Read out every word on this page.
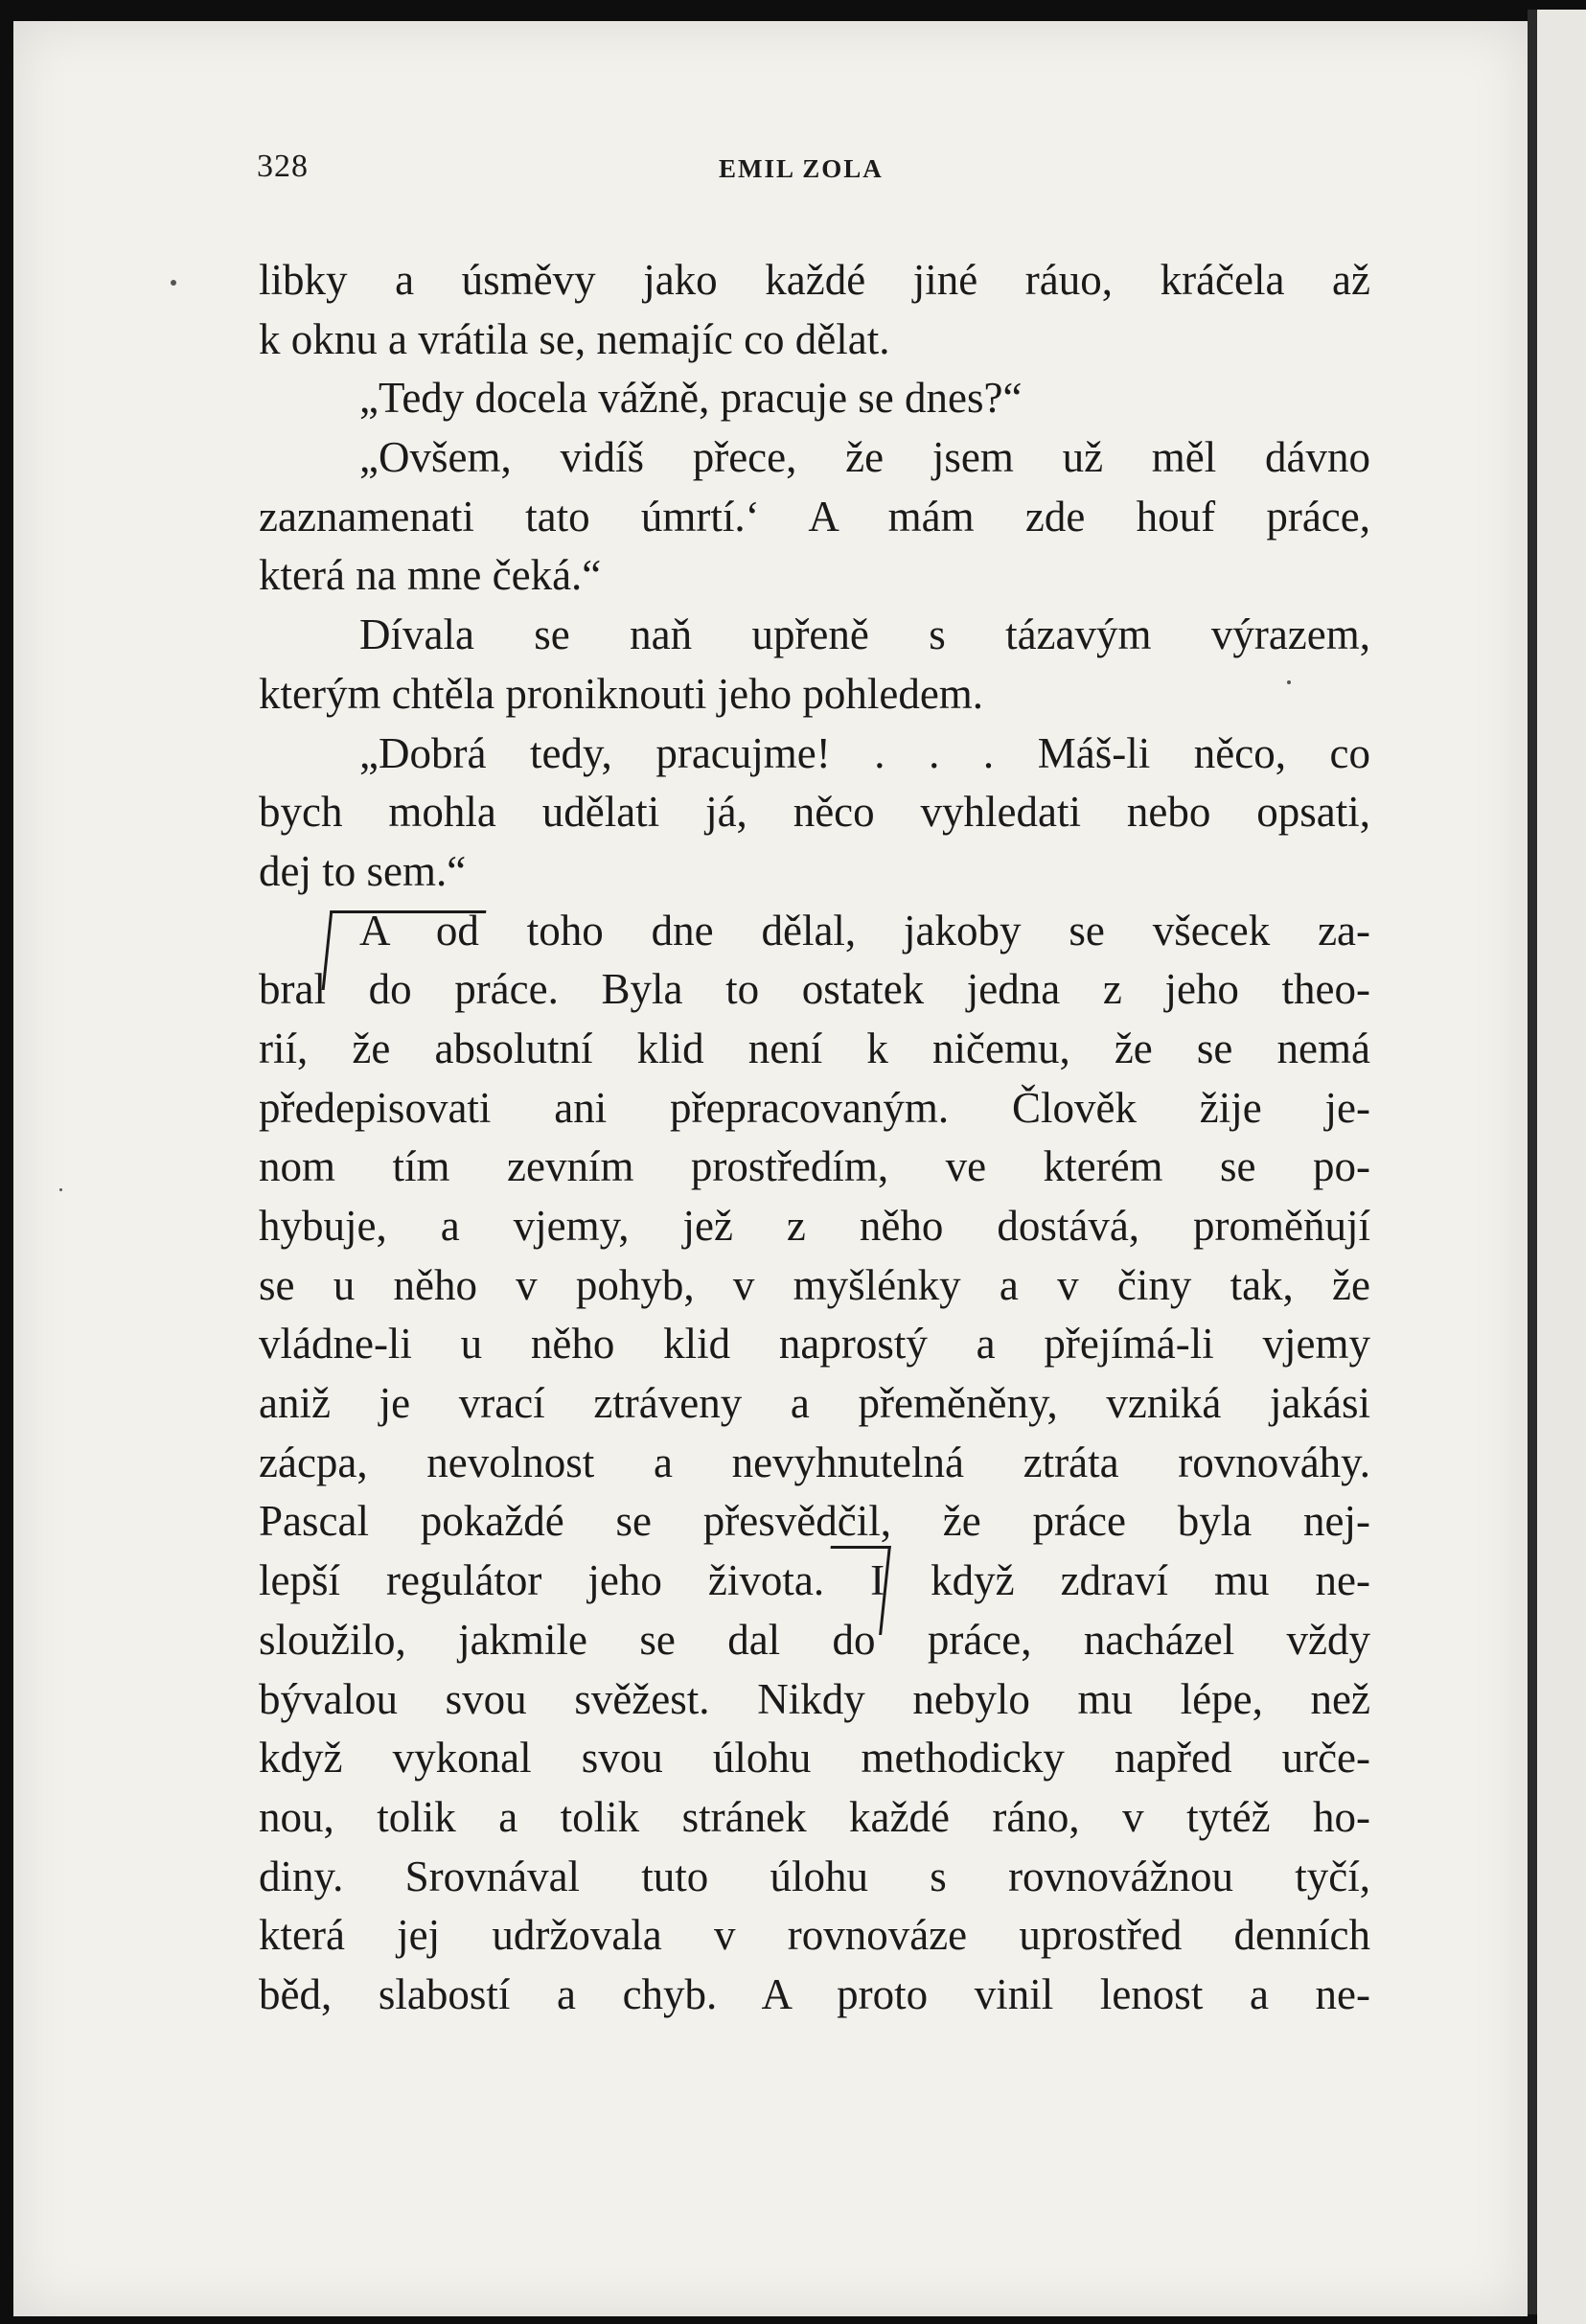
328	EMIL ZOLA
libky a úsměvy jako každé jiné ráuo, kráčela až
k oknu a vrátila se, nemajíc co dělat.
„Tedy docela vážně, pracuje se dnes?“
„Ovšem, vidíš přece, že jsem už měl dávno
zaznamenati tato úmrtí.‘ A mám zde houf práce,
která na mne čeká.“
Dívala se naň upřeně s tázavým výrazem,
kterým chtěla proniknouti jeho pohledem.
„Dobrá tedy, pracujme! . . . Máš-li něco, co
bych mohla udělati já, něco vyhledati nebo opsati,
dej to sem.“
A od toho dne dělal, jakoby se všecek za-
bral do práce. Byla to ostatek jedna z jeho theo-
rií, že absolutní klid není k ničemu, že se nemá
předepisovati ani přepracovaným. Člověk žije je-
nom tím zevním prostředím, ve kterém se po-
hybuje, a vjemy, jež z něho dostává, proměňují
se u něho v pohyb, v myšlénky a v činy tak, že
vládne-li u něho klid naprostý a přejímá-li vjemy
aniž je vrací ztráveny a přeměněny, vzniká jakási
zácpa, nevolnost a nevyhnutelná ztráta rovnováhy.
Pascal pokaždé se přesvědčil, že práce byla nej-
lepší regulátor jeho života. I když zdraví mu ne-
sloužilo, jakmile se dal do práce, nacházel vždy
bývalou svou svěžest. Nikdy nebylo mu lépe, než
když vykonal svou úlohu methodicky napřed urče-
nou, tolik a tolik stránek každé ráno, v tytéž ho-
diny. Srovnával tuto úlohu s rovnovážnou tyčí,
která jej udržovala v rovnováze uprostřed denních
běd, slabostí a chyb. A proto vinil lenost a ne-
